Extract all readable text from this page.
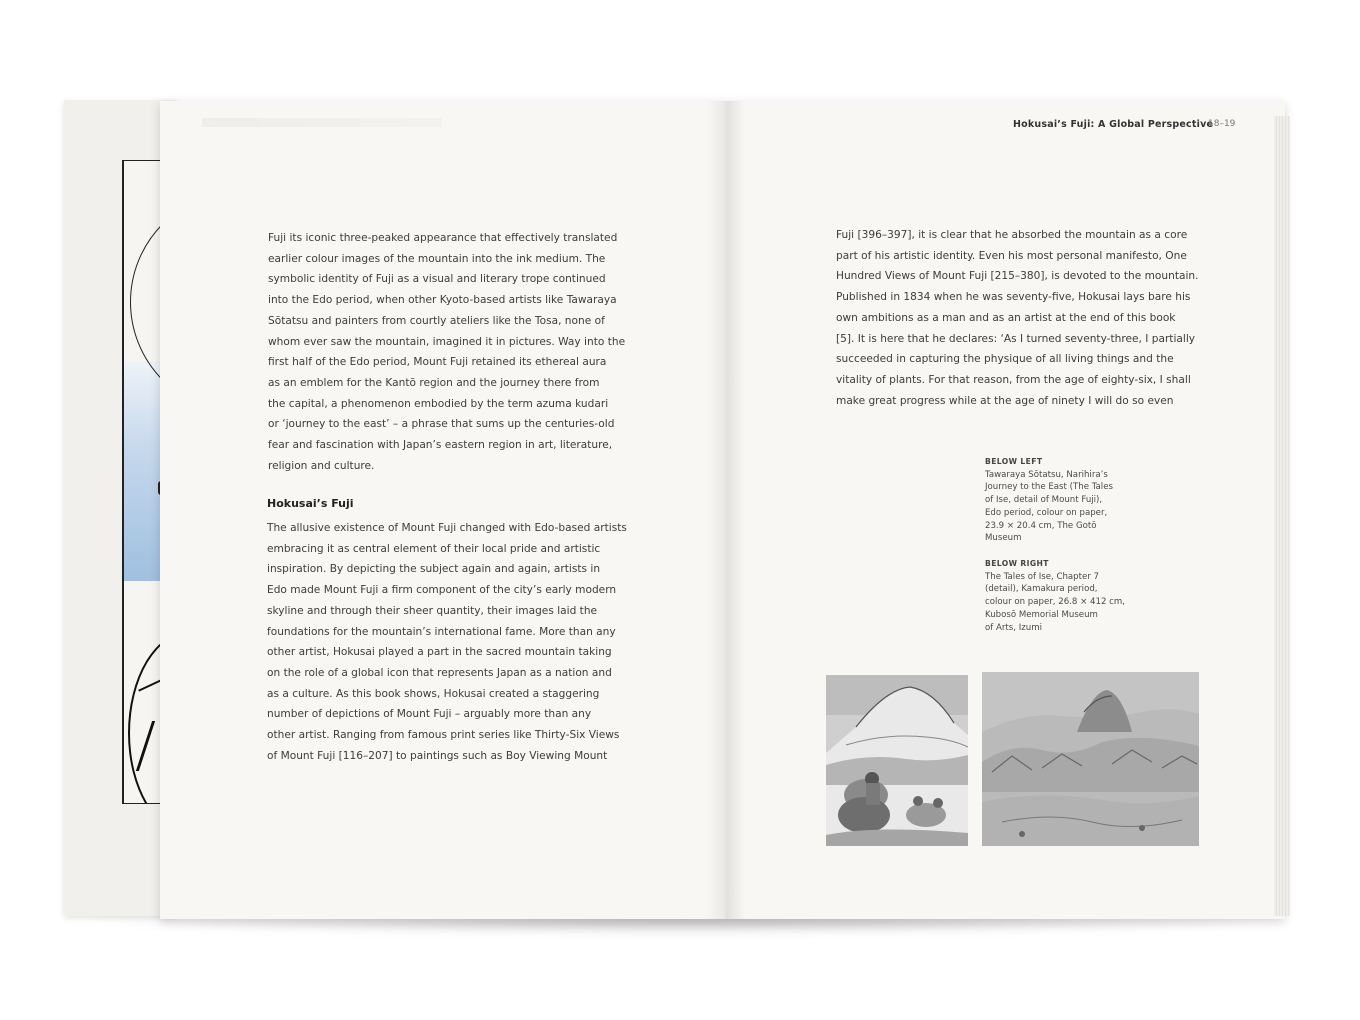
Hokusai’s Fuji: A Global Perspective
18–19
Fuji its iconic three-peaked appearance that effectively translated
earlier colour images of the mountain into the ink medium. The
symbolic identity of Fuji as a visual and literary trope continued
into the Edo period, when other Kyoto-based artists like Tawaraya
Sōtatsu and painters from courtly ateliers like the Tosa, none of
whom ever saw the mountain, imagined it in pictures. Way into the
first half of the Edo period, Mount Fuji retained its ethereal aura
as an emblem for the Kantō region and the journey there from
the capital, a phenomenon embodied by the term azuma kudari
or ‘journey to the east’ – a phrase that sums up the centuries-old
fear and fascination with Japan’s eastern region in art, literature,
religion and culture.
Hokusai’s Fuji
The allusive existence of Mount Fuji changed with Edo-based artists
embracing it as central element of their local pride and artistic
inspiration. By depicting the subject again and again, artists in
Edo made Mount Fuji a firm component of the city’s early modern
skyline and through their sheer quantity, their images laid the
foundations for the mountain’s international fame. More than any
other artist, Hokusai played a part in the sacred mountain taking
on the role of a global icon that represents Japan as a nation and
as a culture. As this book shows, Hokusai created a staggering
number of depictions of Mount Fuji – arguably more than any
other artist. Ranging from famous print series like Thirty-Six Views
of Mount Fuji [116–207] to paintings such as Boy Viewing Mount
Fuji [396–397], it is clear that he absorbed the mountain as a core
part of his artistic identity. Even his most personal manifesto, One
Hundred Views of Mount Fuji [215–380], is devoted to the mountain.
Published in 1834 when he was seventy-five, Hokusai lays bare his
own ambitions as a man and as an artist at the end of this book
[5]. It is here that he declares: ‘As I turned seventy-three, I partially
succeeded in capturing the physique of all living things and the
vitality of plants. For that reason, from the age of eighty-six, I shall
make great progress while at the age of ninety I will do so even
BELOW LEFT
Tawaraya Sōtatsu, Narihira’s
Journey to the East (The Tales
of Ise, detail of Mount Fuji),
Edo period, colour on paper,
23.9 × 20.4 cm, The Gotō
Museum
BELOW RIGHT
The Tales of Ise, Chapter 7
(detail), Kamakura period,
colour on paper, 26.8 × 412 cm,
Kubosō Memorial Museum
of Arts, Izumi
